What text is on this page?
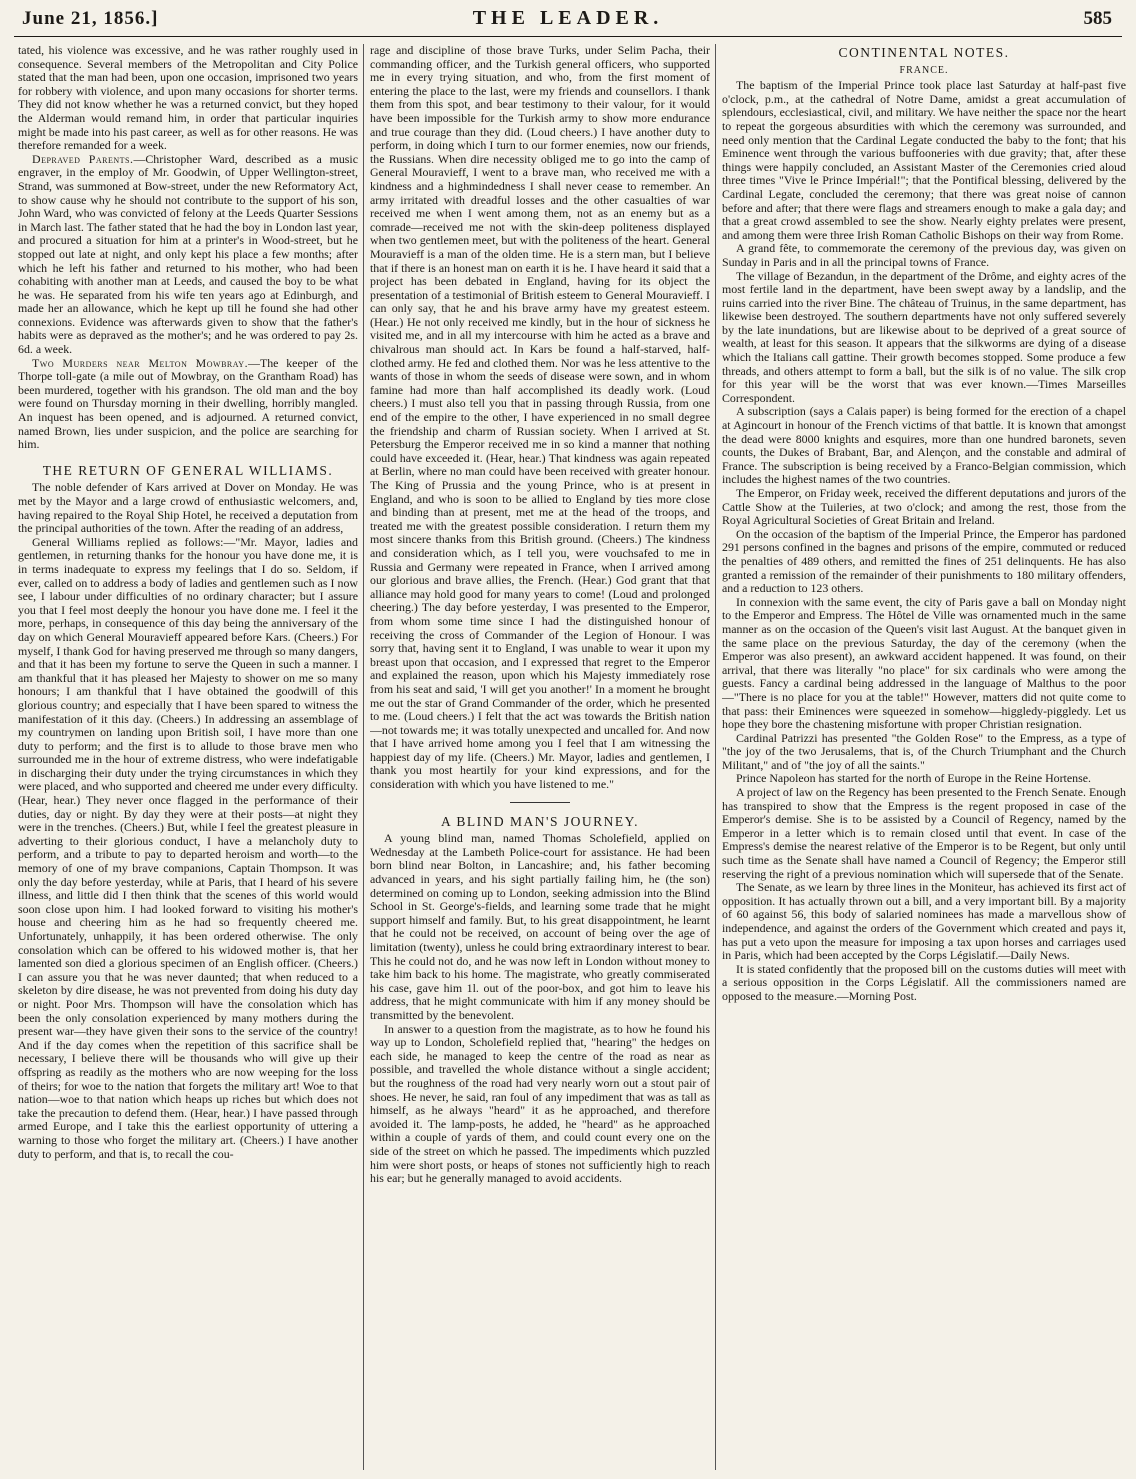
June 21, 1856.]	THE LEADER.	585

tated, his violence was excessive, and he was rather roughly used in consequence. Several members of the Metropolitan and City Police stated that the man had been, upon one occasion, imprisoned two years for robbery with violence, and upon many occasions for shorter terms. They did not know whether he was a returned convict, but they hoped the Alderman would remand him, in order that particular inquiries might be made into his past career, as well as for other reasons. He was therefore remanded for a week.

Depraved Parents.—Christopher Ward, described as a music engraver, in the employ of Mr. Goodwin, of Upper Wellington-street, Strand, was summoned at Bow-street, under the new Reformatory Act, to show cause why he should not contribute to the support of his son, John Ward, who was convicted of felony at the Leeds Quarter Sessions in March last. The father stated that he had the boy in London last year, and procured a situation for him at a printer's in Wood-street, but he stopped out late at night, and only kept his place a few months; after which he left his father and returned to his mother, who had been cohabiting with another man at Leeds, and caused the boy to be what he was. He separated from his wife ten years ago at Edinburgh, and made her an allowance, which he kept up till he found she had other connexions. Evidence was afterwards given to show that the father's habits were as depraved as the mother's; and he was ordered to pay 2s. 6d. a week.

Two Murders near Melton Mowbray.—The keeper of the Thorpe toll-gate (a mile out of Mowbray, on the Grantham Road) has been murdered, together with his grandson. The old man and the boy were found on Thursday morning in their dwelling, horribly mangled. An inquest has been opened, and is adjourned. A returned convict, named Brown, lies under suspicion, and the police are searching for him.

THE RETURN OF GENERAL WILLIAMS.

The noble defender of Kars arrived at Dover on Monday. He was met by the Mayor and a large crowd of enthusiastic welcomers, and, having repaired to the Royal Ship Hotel, he received a deputation from the principal authorities of the town. After the reading of an address,

General Williams replied as follows:—"Mr. Mayor, ladies and gentlemen, in returning thanks for the honour you have done me, it is in terms inadequate to express my feelings that I do so. Seldom, if ever, called on to address a body of ladies and gentlemen such as I now see, I labour under difficulties of no ordinary character; but I assure you that I feel most deeply the honour you have done me. I feel it the more, perhaps, in consequence of this day being the anniversary of the day on which General Mouravieff appeared before Kars. (Cheers.) For myself, I thank God for having preserved me through so many dangers, and that it has been my fortune to serve the Queen in such a manner. I am thankful that it has pleased her Majesty to shower on me so many honours; I am thankful that I have obtained the goodwill of this glorious country; and especially that I have been spared to witness the manifestation of it this day. (Cheers.) In addressing an assemblage of my countrymen on landing upon British soil, I have more than one duty to perform; and the first is to allude to those brave men who surrounded me in the hour of extreme distress, who were indefatigable in discharging their duty under the trying circumstances in which they were placed, and who supported and cheered me under every difficulty. (Hear, hear.) They never once flagged in the performance of their duties, day or night. By day they were at their posts—at night they were in the trenches. (Cheers.) But, while I feel the greatest pleasure in adverting to their glorious conduct, I have a melancholy duty to perform, and a tribute to pay to departed heroism and worth—to the memory of one of my brave companions, Captain Thompson. It was only the day before yesterday, while at Paris, that I heard of his severe illness, and little did I then think that the scenes of this world would soon close upon him. I had looked forward to visiting his mother's house and cheering him as he had so frequently cheered me. Unfortunately, unhappily, it has been ordered otherwise. The only consolation which can be offered to his widowed mother is, that her lamented son died a glorious specimen of an English officer. (Cheers.) I can assure you that he was never daunted; that when reduced to a skeleton by dire disease, he was not prevented from doing his duty day or night. Poor Mrs. Thompson will have the consolation which has been the only consolation experienced by many mothers during the present war—they have given their sons to the service of the country! And if the day comes when the repetition of this sacrifice shall be necessary, I believe there will be thousands who will give up their offspring as readily as the mothers who are now weeping for the loss of theirs; for woe to the nation that forgets the military art! Woe to that nation—woe to that nation which heaps up riches but which does not take the precaution to defend them. (Hear, hear.) I have passed through armed Europe, and I take this the earliest opportunity of uttering a warning to those who forget the military art. (Cheers.) I have another duty to perform, and that is, to recall the cou-

rage and discipline of those brave Turks, under Selim Pacha, their commanding officer, and the Turkish general officers, who supported me in every trying situation, and who, from the first moment of entering the place to the last, were my friends and counsellors. I thank them from this spot, and bear testimony to their valour, for it would have been impossible for the Turkish army to show more endurance and true courage than they did. (Loud cheers.) I have another duty to perform, in doing which I turn to our former enemies, now our friends, the Russians. When dire necessity obliged me to go into the camp of General Mouravieff, I went to a brave man, who received me with a kindness and a highmindedness I shall never cease to remember. An army irritated with dreadful losses and the other casualties of war received me when I went among them, not as an enemy but as a comrade—received me not with the skin-deep politeness displayed when two gentlemen meet, but with the politeness of the heart. General Mouravieff is a man of the olden time. He is a stern man, but I believe that if there is an honest man on earth it is he. I have heard it said that a project has been debated in England, having for its object the presentation of a testimonial of British esteem to General Mouravieff. I can only say, that he and his brave army have my greatest esteem. (Hear.) He not only received me kindly, but in the hour of sickness he visited me, and in all my intercourse with him he acted as a brave and chivalrous man should act. In Kars be found a half-starved, half-clothed army. He fed and clothed them. Nor was he less attentive to the wants of those in whom the seeds of disease were sown, and in whom famine had more than half accomplished its deadly work. (Loud cheers.) I must also tell you that in passing through Russia, from one end of the empire to the other, I have experienced in no small degree the friendship and charm of Russian society. When I arrived at St. Petersburg the Emperor received me in so kind a manner that nothing could have exceeded it. (Hear, hear.) That kindness was again repeated at Berlin, where no man could have been received with greater honour. The King of Prussia and the young Prince, who is at present in England, and who is soon to be allied to England by ties more close and binding than at present, met me at the head of the troops, and treated me with the greatest possible consideration. I return them my most sincere thanks from this British ground. (Cheers.) The kindness and consideration which, as I tell you, were vouchsafed to me in Russia and Germany were repeated in France, when I arrived among our glorious and brave allies, the French. (Hear.) God grant that that alliance may hold good for many years to come! (Loud and prolonged cheering.) The day before yesterday, I was presented to the Emperor, from whom some time since I had the distinguished honour of receiving the cross of Commander of the Legion of Honour. I was sorry that, having sent it to England, I was unable to wear it upon my breast upon that occasion, and I expressed that regret to the Emperor and explained the reason, upon which his Majesty immediately rose from his seat and said, 'I will get you another!' In a moment he brought me out the star of Grand Commander of the order, which he presented to me. (Loud cheers.) I felt that the act was towards the British nation—not towards me; it was totally unexpected and uncalled for. And now that I have arrived home among you I feel that I am witnessing the happiest day of my life. (Cheers.) Mr. Mayor, ladies and gentlemen, I thank you most heartily for your kind expressions, and for the consideration with which you have listened to me."

A BLIND MAN'S JOURNEY.

A young blind man, named Thomas Scholefield, applied on Wednesday at the Lambeth Police-court for assistance. He had been born blind near Bolton, in Lancashire; and, his father becoming advanced in years, and his sight partially failing him, he (the son) determined on coming up to London, seeking admission into the Blind School in St. George's-fields, and learning some trade that he might support himself and family. But, to his great disappointment, he learnt that he could not be received, on account of being over the age of limitation (twenty), unless he could bring extraordinary interest to bear. This he could not do, and he was now left in London without money to take him back to his home. The magistrate, who greatly commiserated his case, gave him 1l. out of the poor-box, and got him to leave his address, that he might communicate with him if any money should be transmitted by the benevolent.

In answer to a question from the magistrate, as to how he found his way up to London, Scholefield replied that, "hearing" the hedges on each side, he managed to keep the centre of the road as near as possible, and travelled the whole distance without a single accident; but the roughness of the road had very nearly worn out a stout pair of shoes. He never, he said, ran foul of any impediment that was as tall as himself, as he always "heard" it as he approached, and therefore avoided it. The lamp-posts, he added, he "heard" as he approached within a couple of yards of them, and could count every one on the side of the street on which he passed. The impediments which puzzled him were short posts, or heaps of stones not sufficiently high to reach his ear; but he generally managed to avoid accidents.

CONTINENTAL NOTES.

FRANCE.

The baptism of the Imperial Prince took place last Saturday at half-past five o'clock, p.m., at the cathedral of Notre Dame, amidst a great accumulation of splendours, ecclesiastical, civil, and military. We have neither the space nor the heart to repeat the gorgeous absurdities with which the ceremony was surrounded, and need only mention that the Cardinal Legate conducted the baby to the font; that his Eminence went through the various buffooneries with due gravity; that, after these things were happily concluded, an Assistant Master of the Ceremonies cried aloud three times "Vive le Prince Impérial!"; that the Pontifical blessing, delivered by the Cardinal Legate, concluded the ceremony; that there was great noise of cannon before and after; that there were flags and streamers enough to make a gala day; and that a great crowd assembled to see the show. Nearly eighty prelates were present, and among them were three Irish Roman Catholic Bishops on their way from Rome.

A grand fête, to commemorate the ceremony of the previous day, was given on Sunday in Paris and in all the principal towns of France.

The village of Bezandun, in the department of the Drôme, and eighty acres of the most fertile land in the department, have been swept away by a landslip, and the ruins carried into the river Bine. The château of Truinus, in the same department, has likewise been destroyed. The southern departments have not only suffered severely by the late inundations, but are likewise about to be deprived of a great source of wealth, at least for this season. It appears that the silkworms are dying of a disease which the Italians call gattine. Their growth becomes stopped. Some produce a few threads, and others attempt to form a ball, but the silk is of no value. The silk crop for this year will be the worst that was ever known.—Times Marseilles Correspondent.

A subscription (says a Calais paper) is being formed for the erection of a chapel at Agincourt in honour of the French victims of that battle. It is known that amongst the dead were 8000 knights and esquires, more than one hundred baronets, seven counts, the Dukes of Brabant, Bar, and Alençon, and the constable and admiral of France. The subscription is being received by a Franco-Belgian commission, which includes the highest names of the two countries.

The Emperor, on Friday week, received the different deputations and jurors of the Cattle Show at the Tuileries, at two o'clock; and among the rest, those from the Royal Agricultural Societies of Great Britain and Ireland.

On the occasion of the baptism of the Imperial Prince, the Emperor has pardoned 291 persons confined in the bagnes and prisons of the empire, commuted or reduced the penalties of 489 others, and remitted the fines of 251 delinquents. He has also granted a remission of the remainder of their punishments to 180 military offenders, and a reduction to 123 others.

In connexion with the same event, the city of Paris gave a ball on Monday night to the Emperor and Empress. The Hôtel de Ville was ornamented much in the same manner as on the occasion of the Queen's visit last August. At the banquet given in the same place on the previous Saturday, the day of the ceremony (when the Emperor was also present), an awkward accident happened. It was found, on their arrival, that there was literally "no place" for six cardinals who were among the guests. Fancy a cardinal being addressed in the language of Malthus to the poor—"There is no place for you at the table!" However, matters did not quite come to that pass: their Eminences were squeezed in somehow—higgledy-piggledy. Let us hope they bore the chastening misfortune with proper Christian resignation.

Cardinal Patrizzi has presented "the Golden Rose" to the Empress, as a type of "the joy of the two Jerusalems, that is, of the Church Triumphant and the Church Militant," and of "the joy of all the saints."

Prince Napoleon has started for the north of Europe in the Reine Hortense.

A project of law on the Regency has been presented to the French Senate. Enough has transpired to show that the Empress is the regent proposed in case of the Emperor's demise. She is to be assisted by a Council of Regency, named by the Emperor in a letter which is to remain closed until that event. In case of the Empress's demise the nearest relative of the Emperor is to be Regent, but only until such time as the Senate shall have named a Council of Regency; the Emperor still reserving the right of a previous nomination which will supersede that of the Senate.

The Senate, as we learn by three lines in the Moniteur, has achieved its first act of opposition. It has actually thrown out a bill, and a very important bill. By a majority of 60 against 56, this body of salaried nominees has made a marvellous show of independence, and against the orders of the Government which created and pays it, has put a veto upon the measure for imposing a tax upon horses and carriages used in Paris, which had been accepted by the Corps Législatif.—Daily News.

It is stated confidently that the proposed bill on the customs duties will meet with a serious opposition in the Corps Législatif. All the commissioners named are opposed to the measure.—Morning Post.
